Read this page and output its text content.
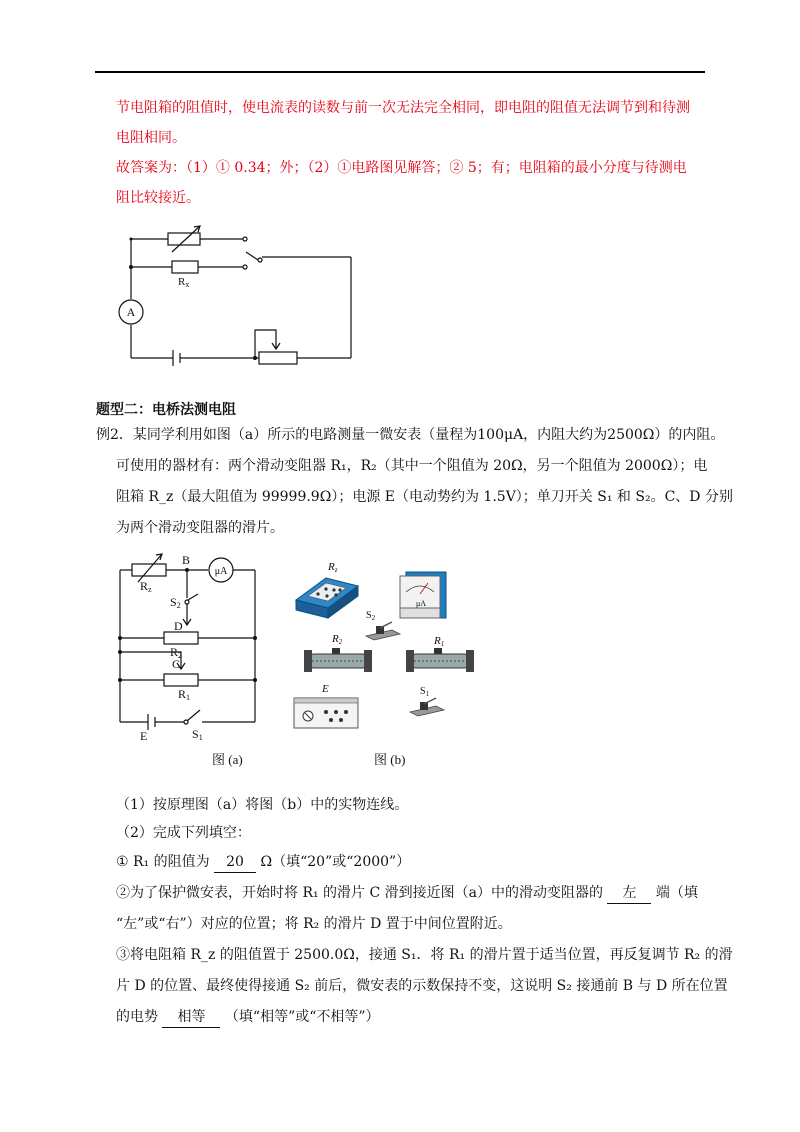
节电阻箱的阻值时，使电流表的读数与前一次无法完全相同，即电阻的阻值无法调节到和待测
电阻相同。
故答案为：（1）① 0.34；外；（2）①电路图见解答；② 5；有；电阻箱的最小分度与待测电
阻比较接近。
Rx
A
题型二：电桥法测电阻
例2．某同学利用如图（a）所示的电路测量一微安表（量程为100μA，内阻大约为2500Ω）的内阻。
可使用的器材有：两个滑动变阻器 R₁，R₂（其中一个阻值为 20Ω，另一个阻值为 2000Ω）；电
阻箱 R_z（最大阻值为 99999.9Ω）；电源 E（电动势约为 1.5V）；单刀开关 S₁ 和 S₂。C、D 分别
为两个滑动变阻器的滑片。
Rz
B
μA
S2
D
R2
C
R1
S1
E
图 (a)
Rz
μA
$S_2$
R2	R1
E	$S_1$
图 (b)
（1）按原理图（a）将图（b）中的实物连线。
（2）完成下列填空：
① R₁ 的阻值为 20 Ω（填“20”或“2000”）
②为了保护微安表，开始时将 R₁ 的滑片 C 滑到接近图（a）中的滑动变阻器的 左 端（填
“左”或“右”）对应的位置；将 R₂ 的滑片 D 置于中间位置附近。
③将电阻箱 R_z 的阻值置于 2500.0Ω，接通 S₁．将 R₁ 的滑片置于适当位置，再反复调节 R₂ 的滑
片 D 的位置、最终使得接通 S₂ 前后，微安表的示数保持不变，这说明 S₂ 接通前 B 与 D 所在位置
的电势 相等 （填“相等”或“不相等”）
